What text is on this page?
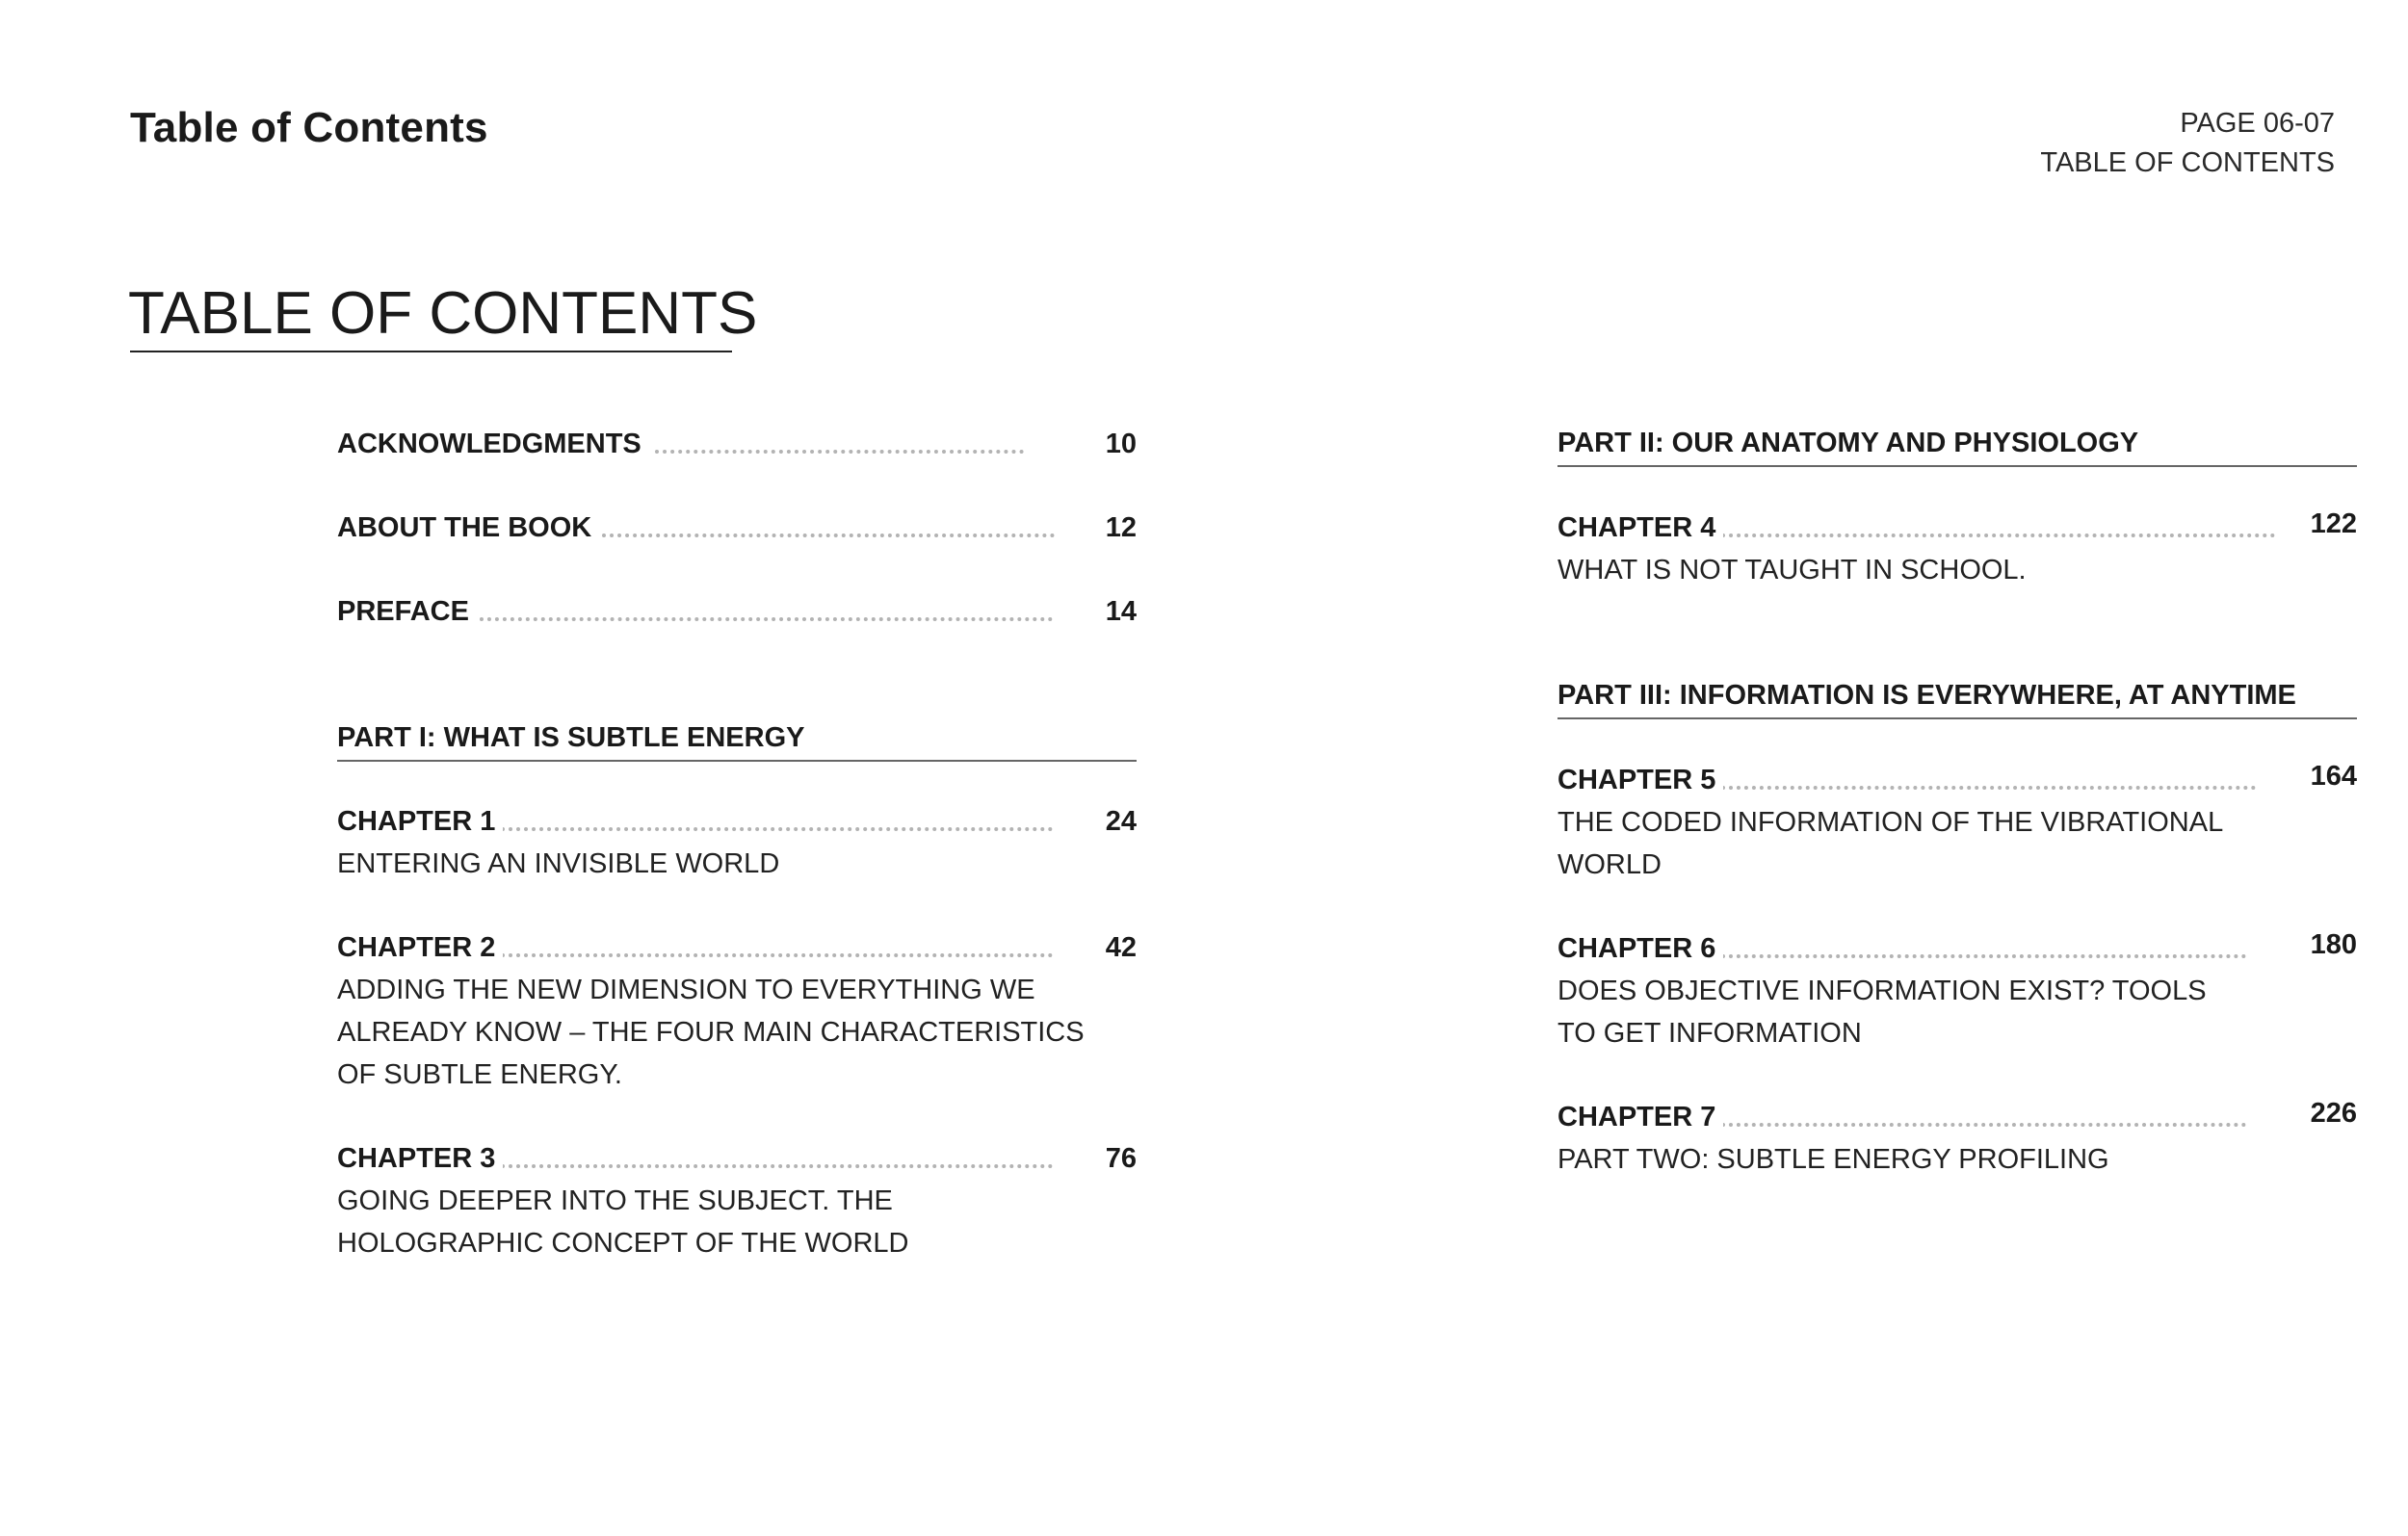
Table of Contents	PAGE 06-07
TABLE OF CONTENTS
TABLE OF CONTENTS
ACKNOWLEDGMENTS	10
ABOUT THE BOOK	12
PREFACE	14
PART I: WHAT IS SUBTLE ENERGY
CHAPTER 1	24
ENTERING AN INVISIBLE WORLD
CHAPTER 2	42
ADDING THE NEW DIMENSION TO EVERYTHING WE
ALREADY KNOW – THE FOUR MAIN CHARACTERISTICS
OF SUBTLE ENERGY.
CHAPTER 3	76
GOING DEEPER INTO THE SUBJECT. THE
HOLOGRAPHIC CONCEPT OF THE WORLD
PART II: OUR ANATOMY AND PHYSIOLOGY
CHAPTER 4	122
WHAT IS NOT TAUGHT IN SCHOOL.
PART III: INFORMATION IS EVERYWHERE, AT ANYTIME
CHAPTER 5	164
THE CODED INFORMATION OF THE VIBRATIONAL
WORLD
CHAPTER 6	180
DOES OBJECTIVE INFORMATION EXIST? TOOLS
TO GET INFORMATION
CHAPTER 7	226
PART TWO: SUBTLE ENERGY PROFILING
